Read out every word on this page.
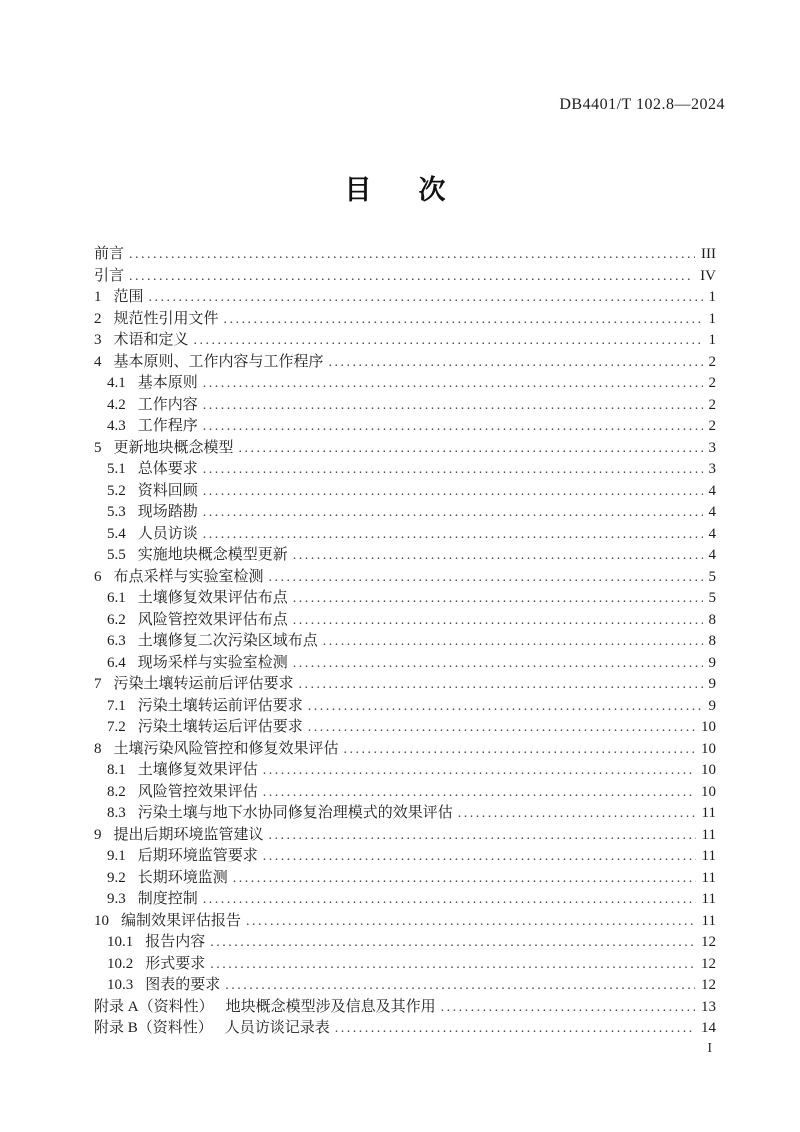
DB4401/T 102.8—2024
目　次
前言 .....	III
引言 .....	IV
1 范围 .....	1
2 规范性引用文件 .....	1
3 术语和定义 .....	1
4 基本原则、工作内容与工作程序 .....	2
4.1 基本原则 .....	2
4.2 工作内容 .....	2
4.3 工作程序 .....	2
5 更新地块概念模型 .....	3
5.1 总体要求 .....	3
5.2 资料回顾 .....	4
5.3 现场踏勘 .....	4
5.4 人员访谈 .....	4
5.5 实施地块概念模型更新 .....	4
6 布点采样与实验室检测 .....	5
6.1 土壤修复效果评估布点 .....	5
6.2 风险管控效果评估布点 .....	8
6.3 土壤修复二次污染区域布点 .....	8
6.4 现场采样与实验室检测 .....	9
7 污染土壤转运前后评估要求 .....	9
7.1 污染土壤转运前评估要求 .....	9
7.2 污染土壤转运后评估要求 .....	10
8 土壤污染风险管控和修复效果评估 .....	10
8.1 土壤修复效果评估 .....	10
8.2 风险管控效果评估 .....	10
8.3 污染土壤与地下水协同修复治理模式的效果评估 .....	11
9 提出后期环境监管建议 .....	11
9.1 后期环境监管要求 .....	11
9.2 长期环境监测 .....	11
9.3 制度控制 .....	11
10 编制效果评估报告 .....	11
10.1 报告内容 .....	12
10.2 形式要求 .....	12
10.3 图表的要求 .....	12
附录 A（资料性） 地块概念模型涉及信息及其作用 .....	13
附录 B（资料性） 人员访谈记录表 .....	14
I
